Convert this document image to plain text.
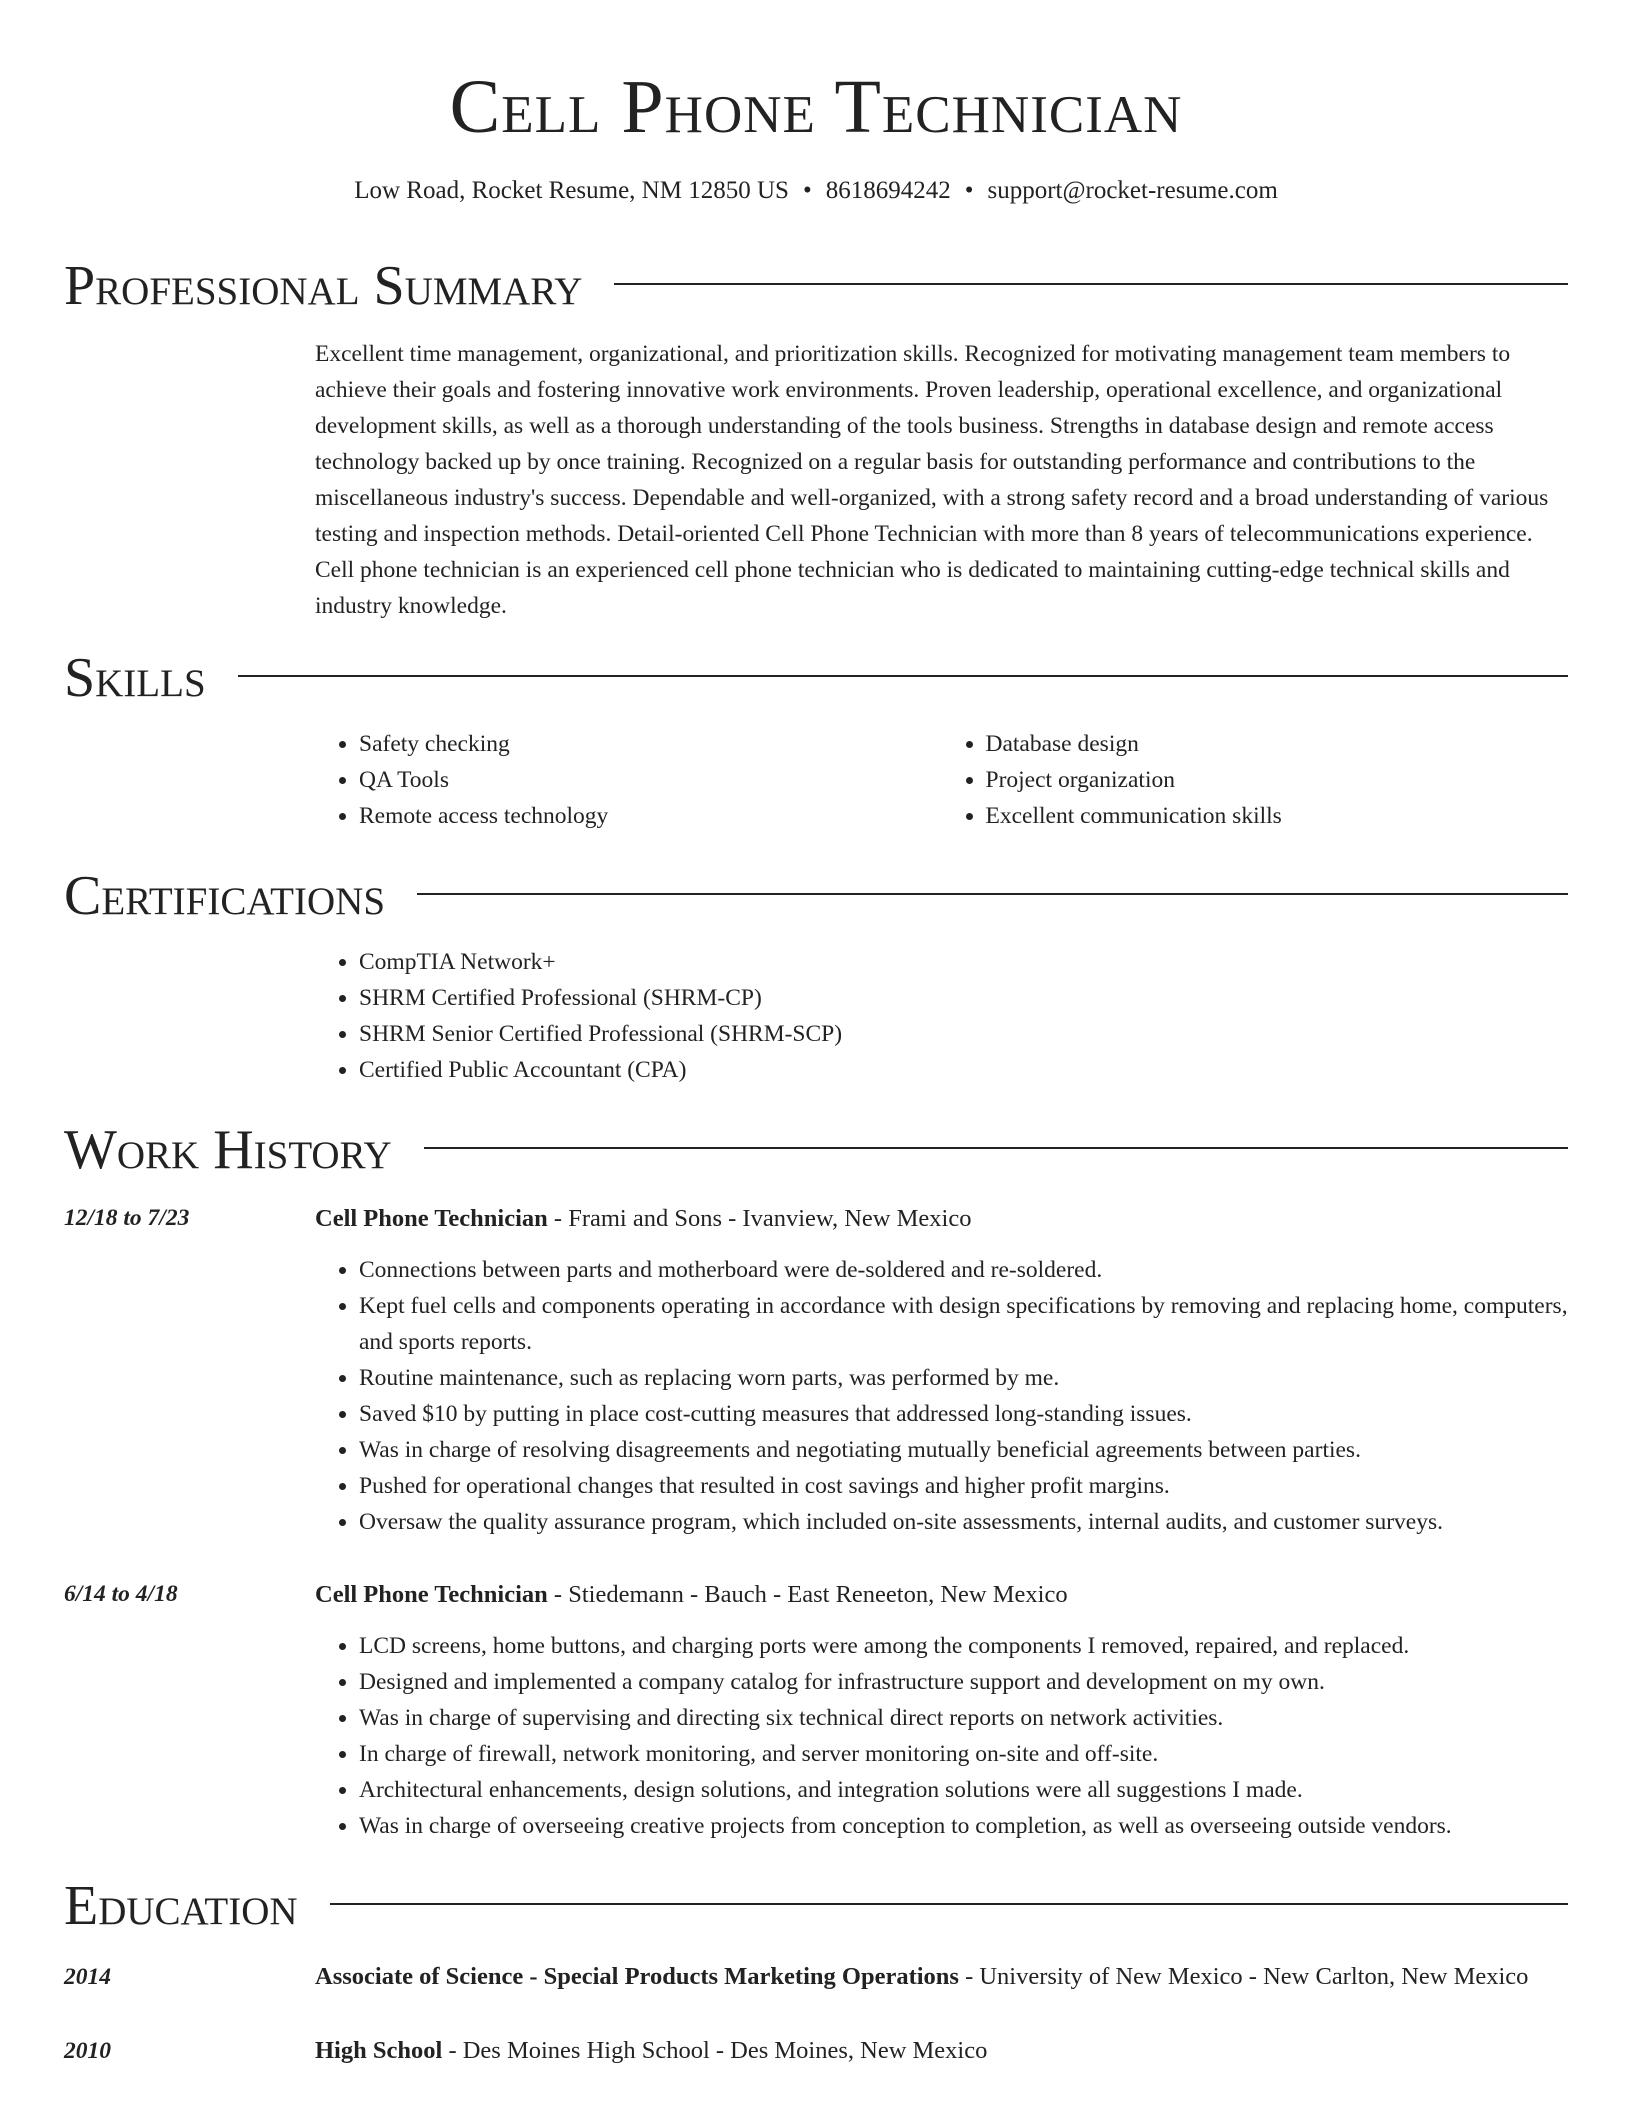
Cell Phone Technician
Low Road, Rocket Resume, NM 12850 US • 8618694242 • support@rocket-resume.com
Professional Summary
Excellent time management, organizational, and prioritization skills. Recognized for motivating management team members to achieve their goals and fostering innovative work environments. Proven leadership, operational excellence, and organizational development skills, as well as a thorough understanding of the tools business. Strengths in database design and remote access technology backed up by once training. Recognized on a regular basis for outstanding performance and contributions to the miscellaneous industry's success. Dependable and well-organized, with a strong safety record and a broad understanding of various testing and inspection methods. Detail-oriented Cell Phone Technician with more than 8 years of telecommunications experience. Cell phone technician is an experienced cell phone technician who is dedicated to maintaining cutting-edge technical skills and industry knowledge.
Skills
• Safety checking
• QA Tools
• Remote access technology
• Database design
• Project organization
• Excellent communication skills
Certifications
• CompTIA Network+
• SHRM Certified Professional (SHRM-CP)
• SHRM Senior Certified Professional (SHRM-SCP)
• Certified Public Accountant (CPA)
Work History
12/18 to 7/23	Cell Phone Technician - Frami and Sons - Ivanview, New Mexico
• Connections between parts and motherboard were de-soldered and re-soldered.
• Kept fuel cells and components operating in accordance with design specifications by removing and replacing home, computers, and sports reports.
• Routine maintenance, such as replacing worn parts, was performed by me.
• Saved $10 by putting in place cost-cutting measures that addressed long-standing issues.
• Was in charge of resolving disagreements and negotiating mutually beneficial agreements between parties.
• Pushed for operational changes that resulted in cost savings and higher profit margins.
• Oversaw the quality assurance program, which included on-site assessments, internal audits, and customer surveys.
6/14 to 4/18	Cell Phone Technician - Stiedemann - Bauch - East Reneeton, New Mexico
• LCD screens, home buttons, and charging ports were among the components I removed, repaired, and replaced.
• Designed and implemented a company catalog for infrastructure support and development on my own.
• Was in charge of supervising and directing six technical direct reports on network activities.
• In charge of firewall, network monitoring, and server monitoring on-site and off-site.
• Architectural enhancements, design solutions, and integration solutions were all suggestions I made.
• Was in charge of overseeing creative projects from conception to completion, as well as overseeing outside vendors.
Education
2014	Associate of Science - Special Products Marketing Operations - University of New Mexico - New Carlton, New Mexico
2010	High School - Des Moines High School - Des Moines, New Mexico
